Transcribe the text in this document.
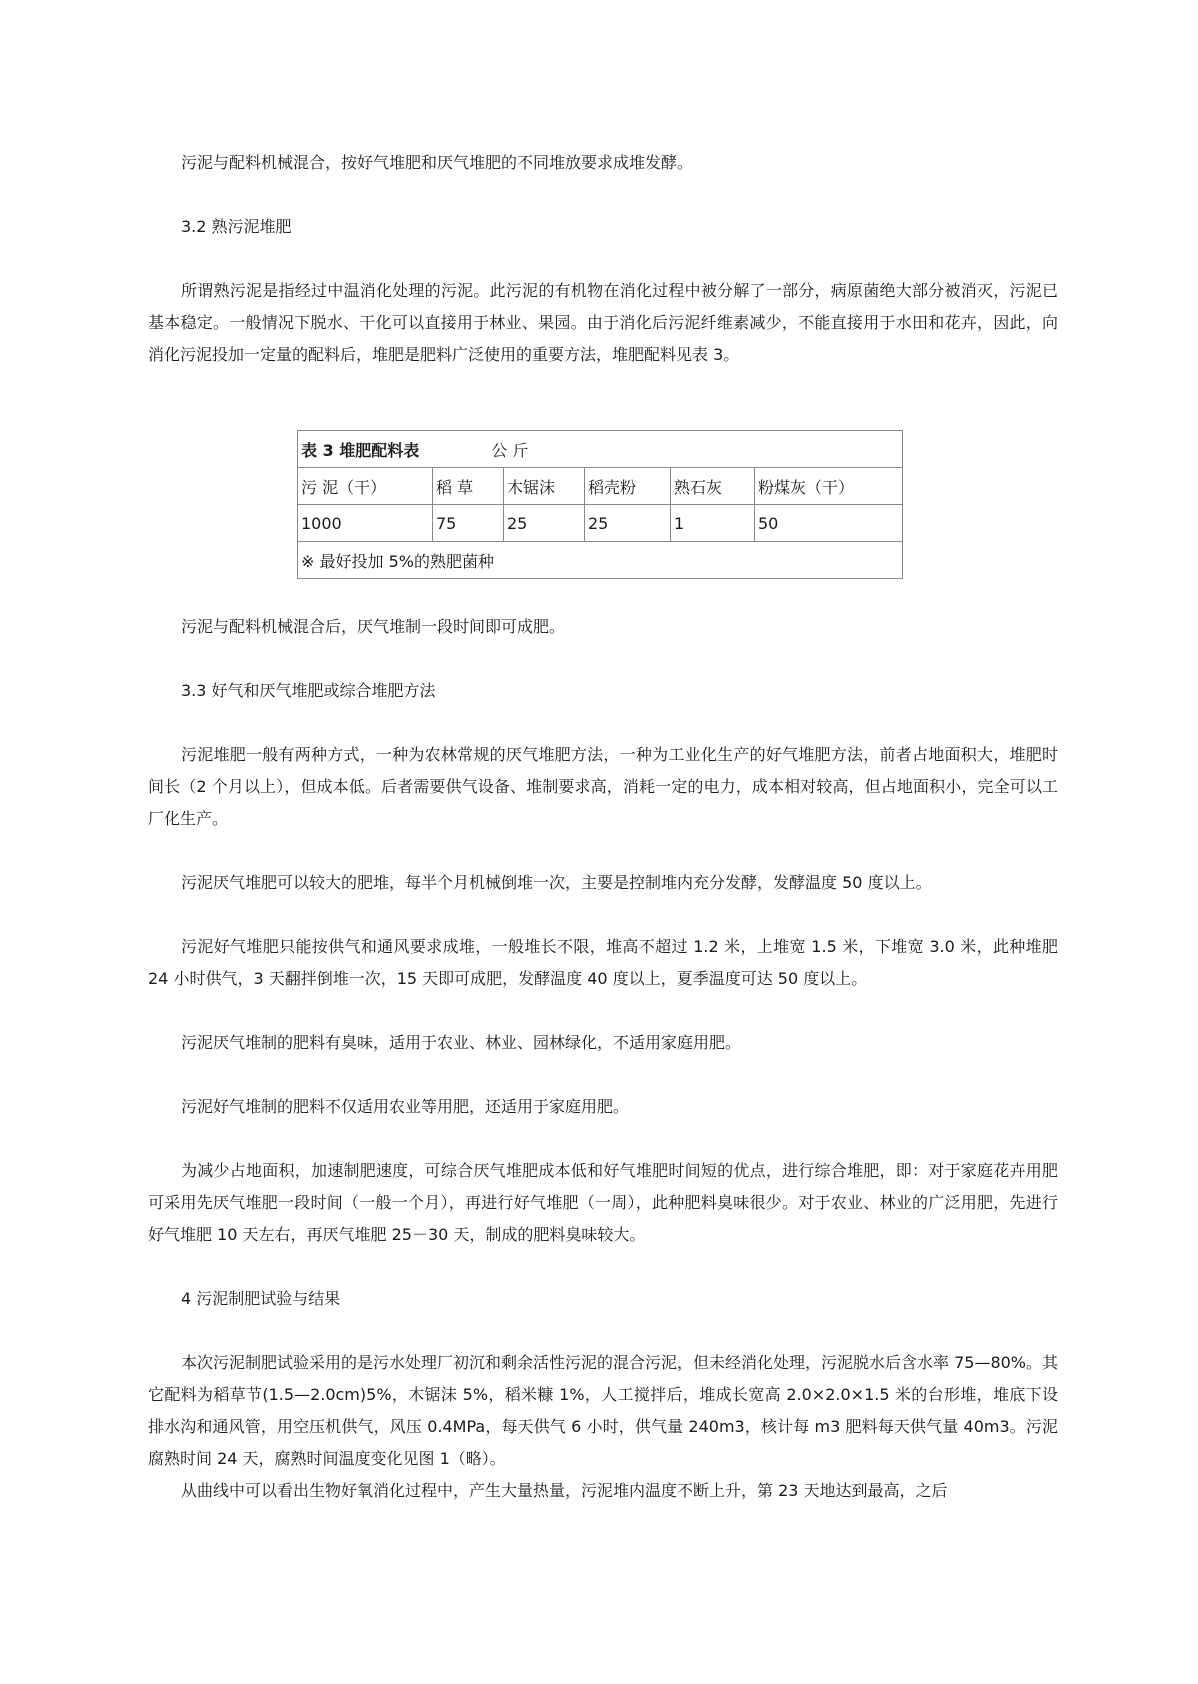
污泥与配料机械混合，按好气堆肥和厌气堆肥的不同堆放要求成堆发酵。

3.2 熟污泥堆肥

所谓熟污泥是指经过中温消化处理的污泥。此污泥的有机物在消化过程中被分解了一部分，病原菌绝大部分被消灭，污泥已基本稳定。一般情况下脱水、干化可以直接用于林业、果园。由于消化后污泥纤维素减少，不能直接用于水田和花卉，因此，向消化污泥投加一定量的配料后，堆肥是肥料广泛使用的重要方法，堆肥配料见表 3。

表 3 堆肥配料表 公 斤					
污 泥（干）	稻 草	木锯沫	稻壳粉	熟石灰	粉煤灰（干）
1000	75	25	25	1	50
※ 最好投加 5%的熟肥菌种					

污泥与配料机械混合后，厌气堆制一段时间即可成肥。

3.3 好气和厌气堆肥或综合堆肥方法

污泥堆肥一般有两种方式，一种为农林常规的厌气堆肥方法，一种为工业化生产的好气堆肥方法，前者占地面积大，堆肥时间长（2 个月以上），但成本低。后者需要供气设备、堆制要求高，消耗一定的电力，成本相对较高，但占地面积小，完全可以工厂化生产。

污泥厌气堆肥可以较大的肥堆，每半个月机械倒堆一次，主要是控制堆内充分发酵，发酵温度 50 度以上。

污泥好气堆肥只能按供气和通风要求成堆，一般堆长不限，堆高不超过 1.2 米，上堆宽 1.5 米，下堆宽 3.0 米，此种堆肥 24 小时供气，3 天翻拌倒堆一次，15 天即可成肥，发酵温度 40 度以上，夏季温度可达 50 度以上。

污泥厌气堆制的肥料有臭味，适用于农业、林业、园林绿化，不适用家庭用肥。

污泥好气堆制的肥料不仅适用农业等用肥，还适用于家庭用肥。

为减少占地面积，加速制肥速度，可综合厌气堆肥成本低和好气堆肥时间短的优点，进行综合堆肥，即：对于家庭花卉用肥可采用先厌气堆肥一段时间（一般一个月），再进行好气堆肥（一周），此种肥料臭味很少。对于农业、林业的广泛用肥，先进行好气堆肥 10 天左右，再厌气堆肥 25－30 天，制成的肥料臭味较大。

4 污泥制肥试验与结果

本次污泥制肥试验采用的是污水处理厂初沉和剩余活性污泥的混合污泥，但未经消化处理，污泥脱水后含水率 75—80%。其它配料为稻草节(1.5—2.0cm)5%，木锯沫 5%，稻米糠 1%，人工搅拌后，堆成长宽高 2.0×2.0×1.5 米的台形堆，堆底下设排水沟和通风管，用空压机供气，风压 0.4MPa，每天供气 6 小时，供气量 240m3，核计每 m3 肥料每天供气量 40m3。污泥腐熟时间 24 天，腐熟时间温度变化见图 1（略）。

从曲线中可以看出生物好氧消化过程中，产生大量热量，污泥堆内温度不断上升，第 23 天地达到最高，之后
